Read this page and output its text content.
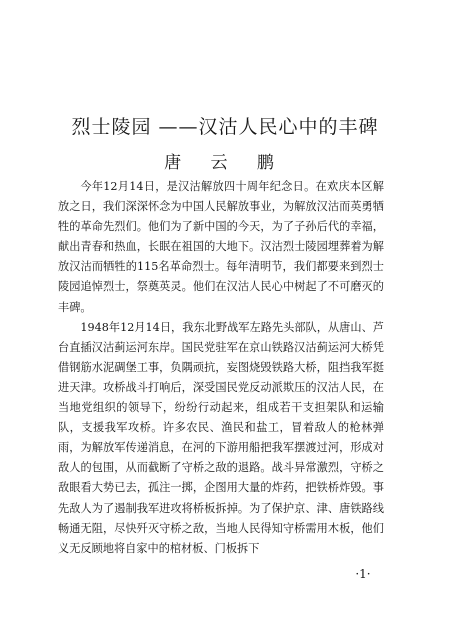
烈士陵园 ——汉沽人民心中的丰碑
唐 云 鹏

今年12月14日，是汉沽解放四十周年纪念日。在欢庆本区解放之日，我们深深怀念为中国人民解放事业，为解放汉沽而英勇牺牲的革命先烈们。他们为了新中国的今天，为了子孙后代的幸福，献出青春和热血，长眠在祖国的大地下。汉沽烈士陵园埋葬着为解放汉沽而牺牲的115名革命烈士。每年清明节，我们都要来到烈士陵园追悼烈士，祭奠英灵。他们在汉沽人民心中树起了不可磨灭的丰碑。

1948年12月14日，我东北野战军左路先头部队，从唐山、芦台直插汉沽蓟运河东岸。国民党驻军在京山铁路汉沽蓟运河大桥凭借钢筋水泥碉堡工事，负隅顽抗，妄图烧毁铁路大桥，阻挡我军挺进天津。攻桥战斗打响后，深受国民党反动派欺压的汉沽人民，在当地党组织的领导下，纷纷行动起来，组成若干支担架队和运输队，支援我军攻桥。许多农民、渔民和盐工，冒着敌人的枪林弹雨，为解放军传递消息，在河的下游用船把我军摆渡过河，形成对敌人的包围，从而截断了守桥之敌的退路。战斗异常激烈，守桥之敌眼看大势已去，孤注一掷，企图用大量的炸药，把铁桥炸毁。事先敌人为了遏制我军进攻将桥板拆掉。为了保护京、津、唐铁路线畅通无阻，尽快歼灭守桥之敌，当地人民得知守桥需用木板，他们义无反顾地将自家中的棺材板、门板拆下

·1·
